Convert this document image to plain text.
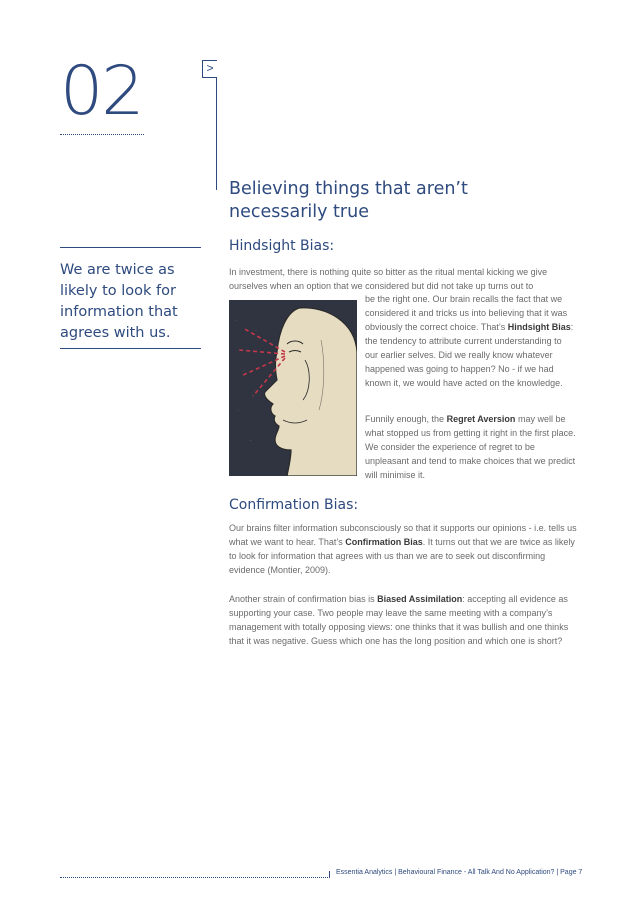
02	>
Believing things that aren’t
necessarily true
We are twice as
likely to look for
information that
agrees with us.
Hindsight Bias:
In investment, there is nothing quite so bitter as the ritual mental kicking we give ourselves when an option that we considered but did not take up turns out to
be the right one. Our brain recalls the fact that we considered it and tricks us into believing that it was obviously the correct choice. That’s Hindsight Bias: the tendency to attribute current understanding to our earlier selves. Did we really know whatever happened was going to happen? No - if we had known it, we would have acted on the knowledge.
Funnily enough, the Regret Aversion may well be what stopped us from getting it right in the first place. We consider the experience of regret to be unpleasant and tend to make choices that we predict will minimise it.
Confirmation Bias:
Our brains filter information subconsciously so that it supports our opinions - i.e. tells us what we want to hear. That’s Confirmation Bias. It turns out that we are twice as likely to look for information that agrees with us than we are to seek out disconfirming evidence (Montier, 2009).
Another strain of confirmation bias is Biased Assimilation: accepting all evidence as supporting your case. Two people may leave the same meeting with a company’s management with totally opposing views: one thinks that it was bullish and one thinks that it was negative. Guess which one has the long position and which one is short?
Essentia Analytics | Behavioural Finance - All Talk And No Application? | Page 7
